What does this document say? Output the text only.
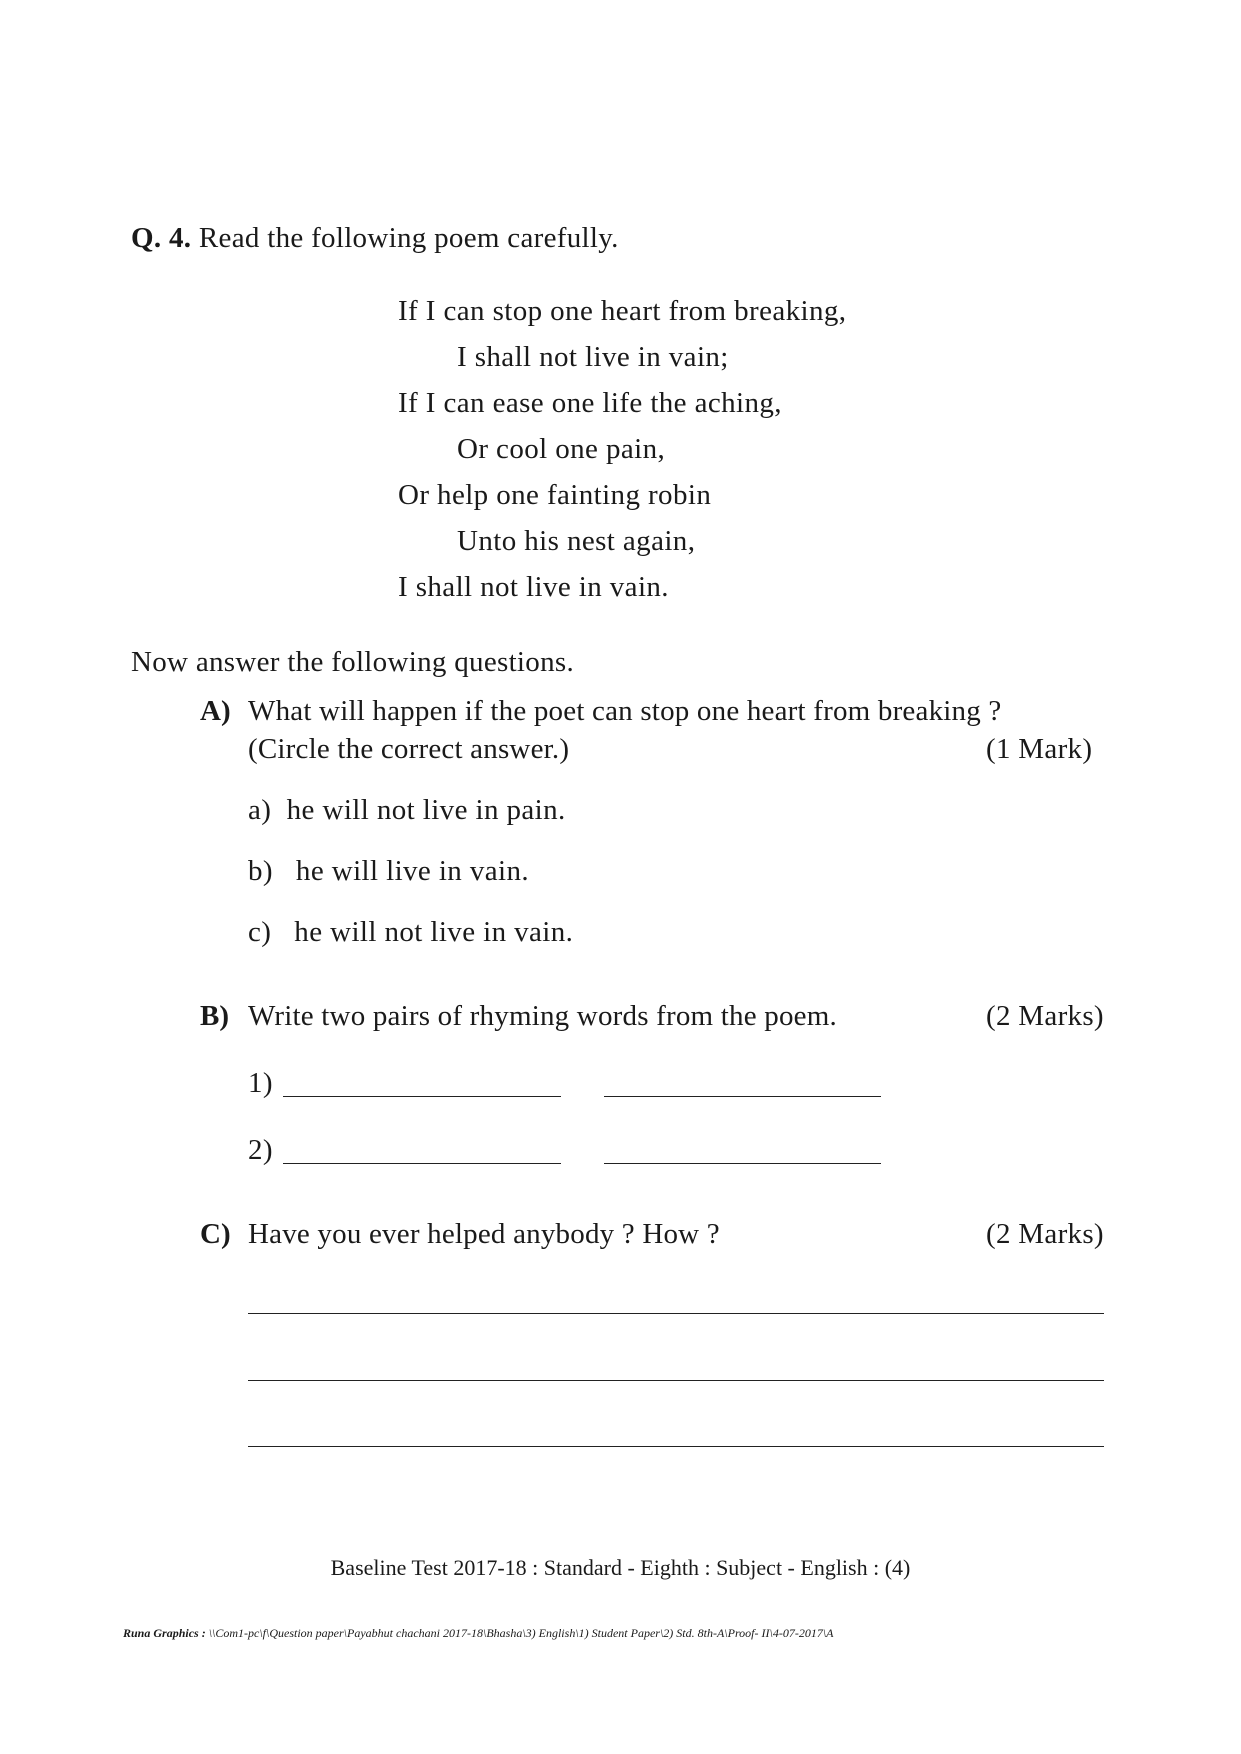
Q. 4. Read the following poem carefully.
If I can stop one heart from breaking,
I shall not live in vain;
If I can ease one life the aching,
Or cool one pain,
Or help one fainting robin
Unto his nest again,
I shall not live in vain.
Now answer the following questions.
A) What will happen if the poet can stop one heart from breaking ?
(Circle the correct answer.)	(1 Mark)
a) he will not live in pain.
b) he will live in vain.
c) he will not live in vain.
B) Write two pairs of rhyming words from the poem.	(2 Marks)
1)
2)
C) Have you ever helped anybody ? How ?	(2 Marks)
Baseline Test 2017-18 : Standard - Eighth : Subject - English : (4)
Runa Graphics : \\Com1-pc\f\Question paper\Payabhut chachani 2017-18\Bhasha\3) English\1) Student Paper\2) Std. 8th-A\Proof- II\4-07-2017\A
